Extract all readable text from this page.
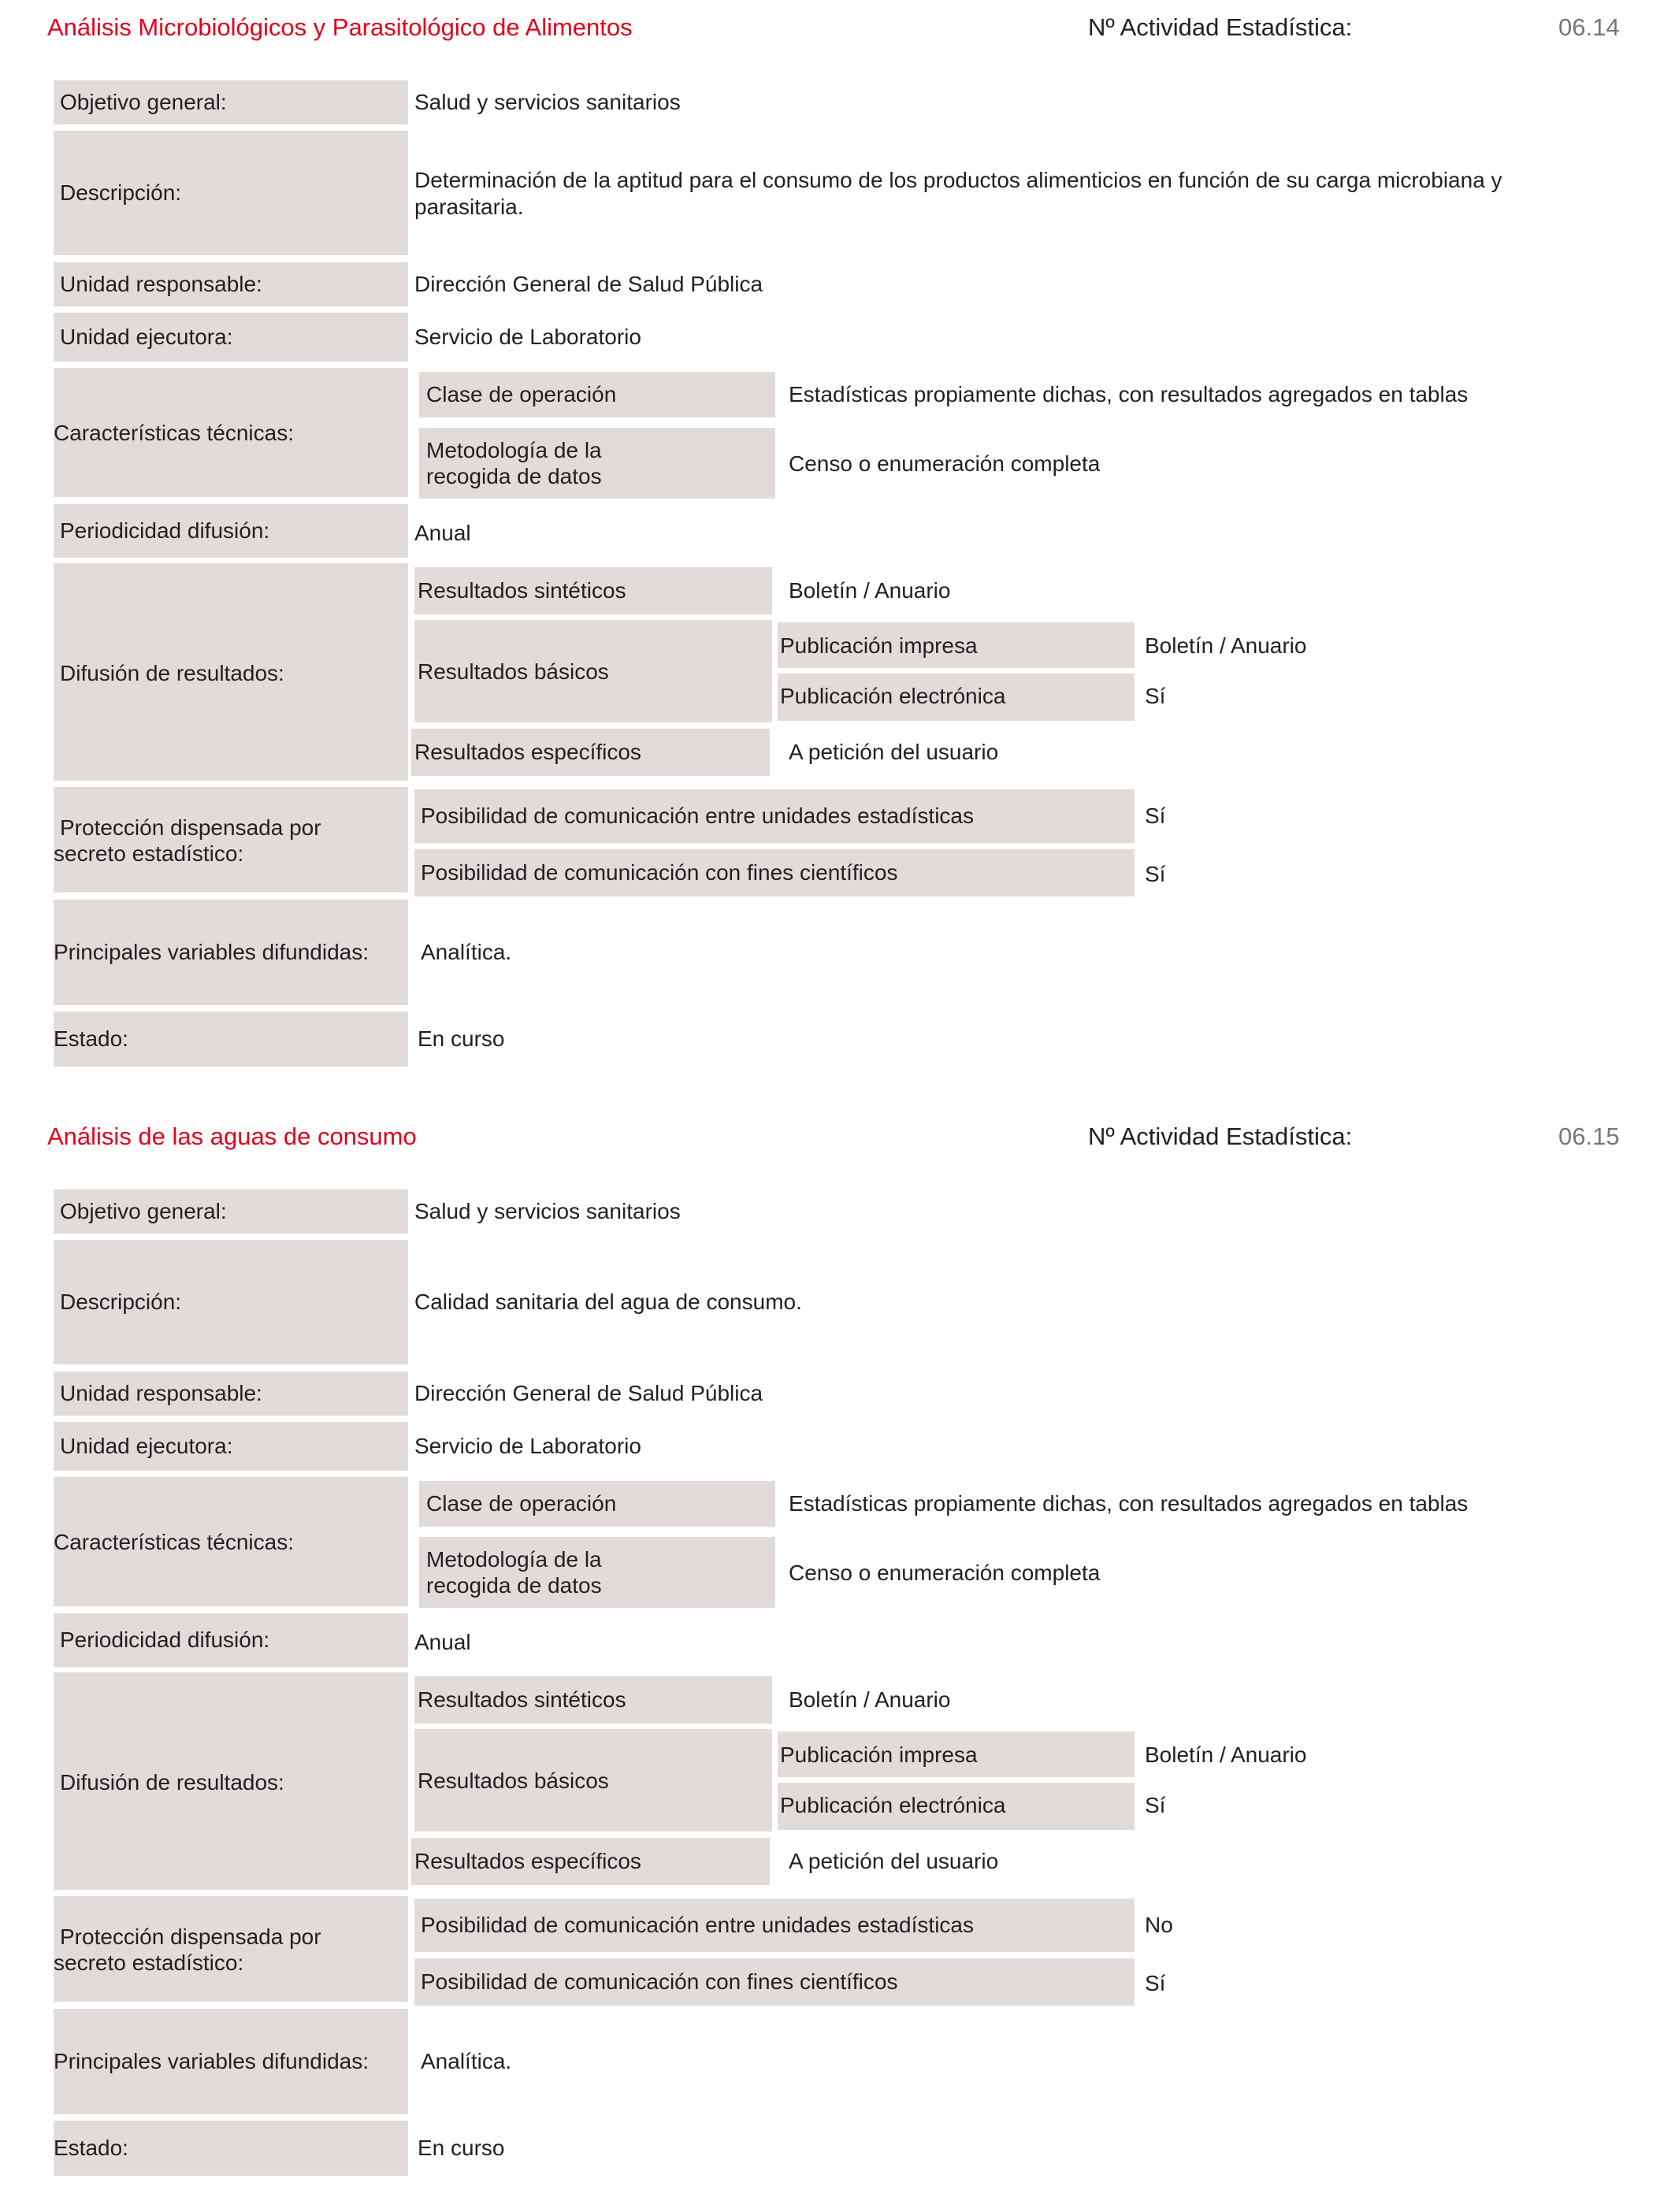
Análisis Microbiológicos y Parasitológico de Alimentos	Nº Actividad Estadística:	06.14
Objetivo general:	Salud y servicios sanitarios
Descripción:
Determinación de la aptitud para el consumo de los productos alimenticios en función de su carga microbiana y parasitaria.
Unidad responsable:	Dirección General de Salud Pública
Unidad ejecutora:	Servicio de Laboratorio
Características técnicas:
Clase de operación	Estadísticas propiamente dichas, con resultados agregados en tablas
Metodología de la
recogida de datos
Censo o enumeración completa
Periodicidad difusión:	Anual
Difusión de resultados:
Resultados sintéticos	Boletín / Anuario
Resultados básicos
Publicación impresa	Boletín / Anuario
Publicación electrónica	Sí
Resultados específicos	A petición del usuario
Protección dispensada por
secreto estadístico:
Posibilidad de comunicación entre unidades estadísticas	Sí
Posibilidad de comunicación con fines científicos	Sí
Principales variables difundidas: Analítica.
Estado:	En curso
Análisis de las aguas de consumo	Nº Actividad Estadística:	06.15
Objetivo general:	Salud y servicios sanitarios
Descripción:	Calidad sanitaria del agua de consumo.
Unidad responsable:	Dirección General de Salud Pública
Unidad ejecutora:	Servicio de Laboratorio
Características técnicas:
Clase de operación	Estadísticas propiamente dichas, con resultados agregados en tablas
Metodología de la
recogida de datos
Censo o enumeración completa
Periodicidad difusión:	Anual
Difusión de resultados:
Resultados sintéticos	Boletín / Anuario
Resultados básicos
Publicación impresa	Boletín / Anuario
Publicación electrónica	Sí
Resultados específicos	A petición del usuario
Protección dispensada por
secreto estadístico:
Posibilidad de comunicación entre unidades estadísticas	No
Posibilidad de comunicación con fines científicos	Sí
Principales variables difundidas: Analítica.
Estado:	En curso
